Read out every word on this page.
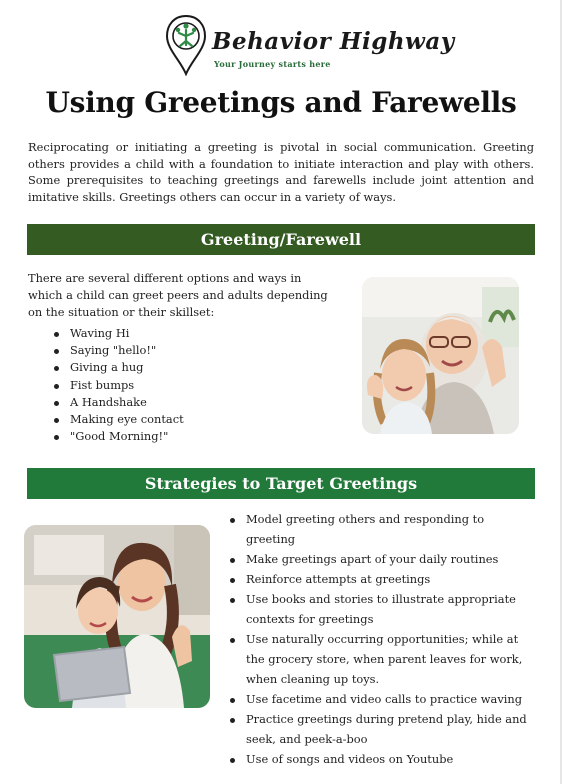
Behavior Highway
Your Journey starts here
Using Greetings and Farewells
Reciprocating or initiating a greeting is pivotal in social communication. Greeting others provides a child with a foundation to initiate interaction and play with others. Some prerequisites to teaching greetings and farewells include joint attention and imitative skills. Greetings others can occur in a variety of ways.
Greeting/Farewell
There are several different options and ways in which a child can greet peers and adults depending on the situation or their skillset:
Waving Hi
Saying "hello!"
Giving a hug
Fist bumps
A Handshake
Making eye contact
"Good Morning!"
Strategies to Target Greetings
Model greeting others and responding to greeting
Make greetings apart of your daily routines
Reinforce attempts at greetings
Use books and stories to illustrate appropriate contexts for greetings
Use naturally occurring opportunities; while at the grocery store, when parent leaves for work, when cleaning up toys.
Use facetime and video calls to practice waving
Practice greetings during pretend play, hide and seek, and peek-a-boo
Use of songs and videos on Youtube
